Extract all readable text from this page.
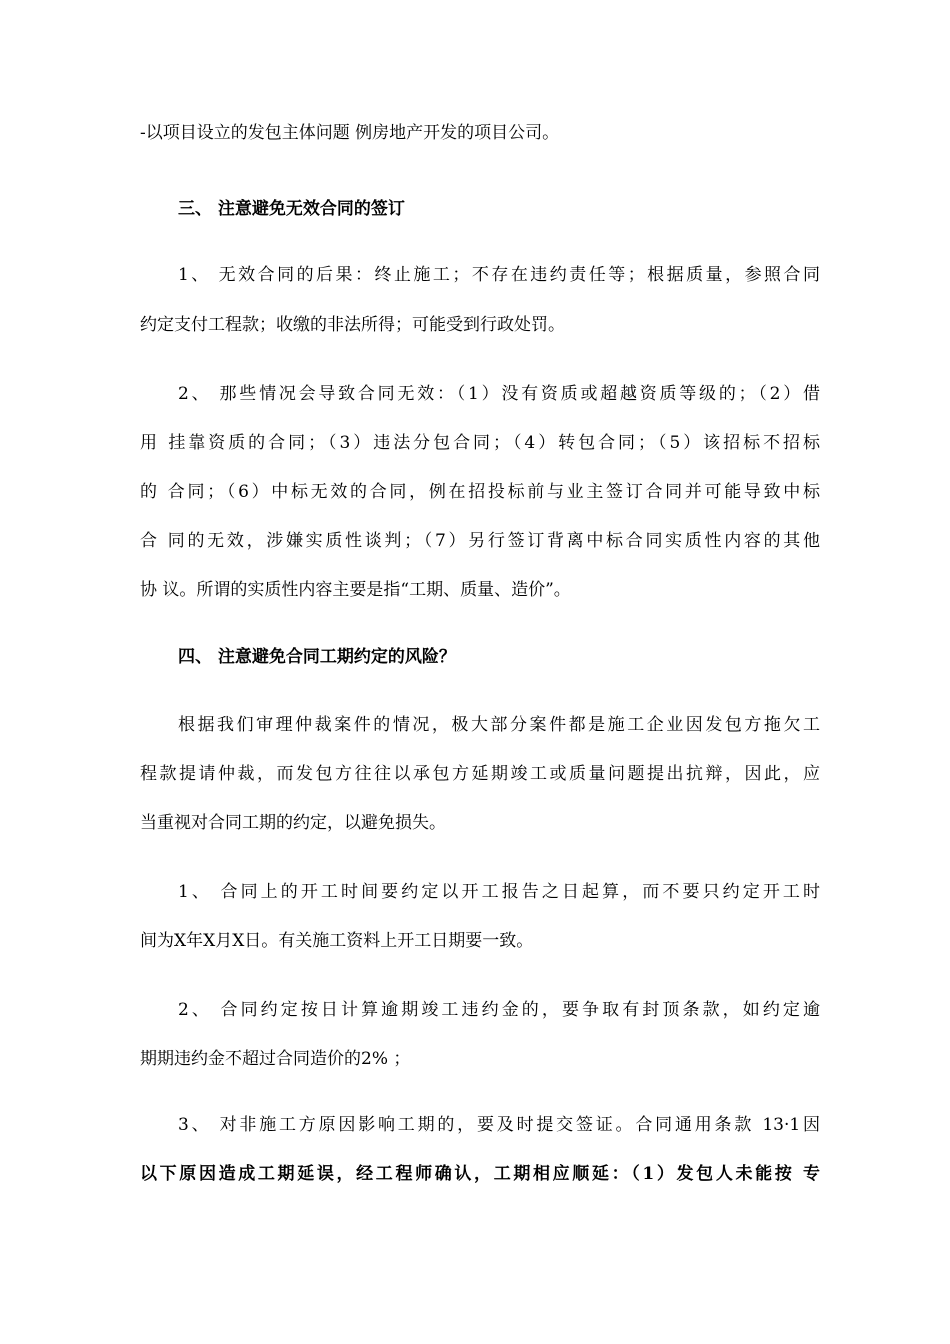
-以项目设立的发包主体问题 例房地产开发的项目公司。
三、 注意避免无效合同的签订
1、 无效合同的后果：终止施工；不存在违约责任等；根据质量，参照合同
约定支付工程款；收缴的非法所得；可能受到行政处罚。
2、 那些情况会导致合同无效：（1）没有资质或超越资质等级的；（2）借
用 挂靠资质的合同；（3）违法分包合同；（4）转包合同；（5）该招标不招标
的 合同；（6）中标无效的合同，例在招投标前与业主签订合同并可能导致中标
合 同的无效，涉嫌实质性谈判；（7）另行签订背离中标合同实质性内容的其他
协 议。所谓的实质性内容主要是指“工期、质量、造价”。
四、 注意避免合同工期约定的风险？
根据我们审理仲裁案件的情况，极大部分案件都是施工企业因发包方拖欠工
程款提请仲裁，而发包方往往以承包方延期竣工或质量问题提出抗辩，因此，应
当重视对合同工期的约定，以避免损失。
1、 合同上的开工时间要约定以开工报告之日起算，而不要只约定开工时
间为X年X月X日。有关施工资料上开工日期要一致。
2、 合同约定按日计算逾期竣工违约金的，要争取有封顶条款，如约定逾
期期违约金不超过合同造价的2% ；
3、 对非施工方原因影响工期的，要及时提交签证。合同通用条款 13·1因
以下原因造成工期延误，经工程师确认，工期相应顺延：（1）发包人未能按 专
